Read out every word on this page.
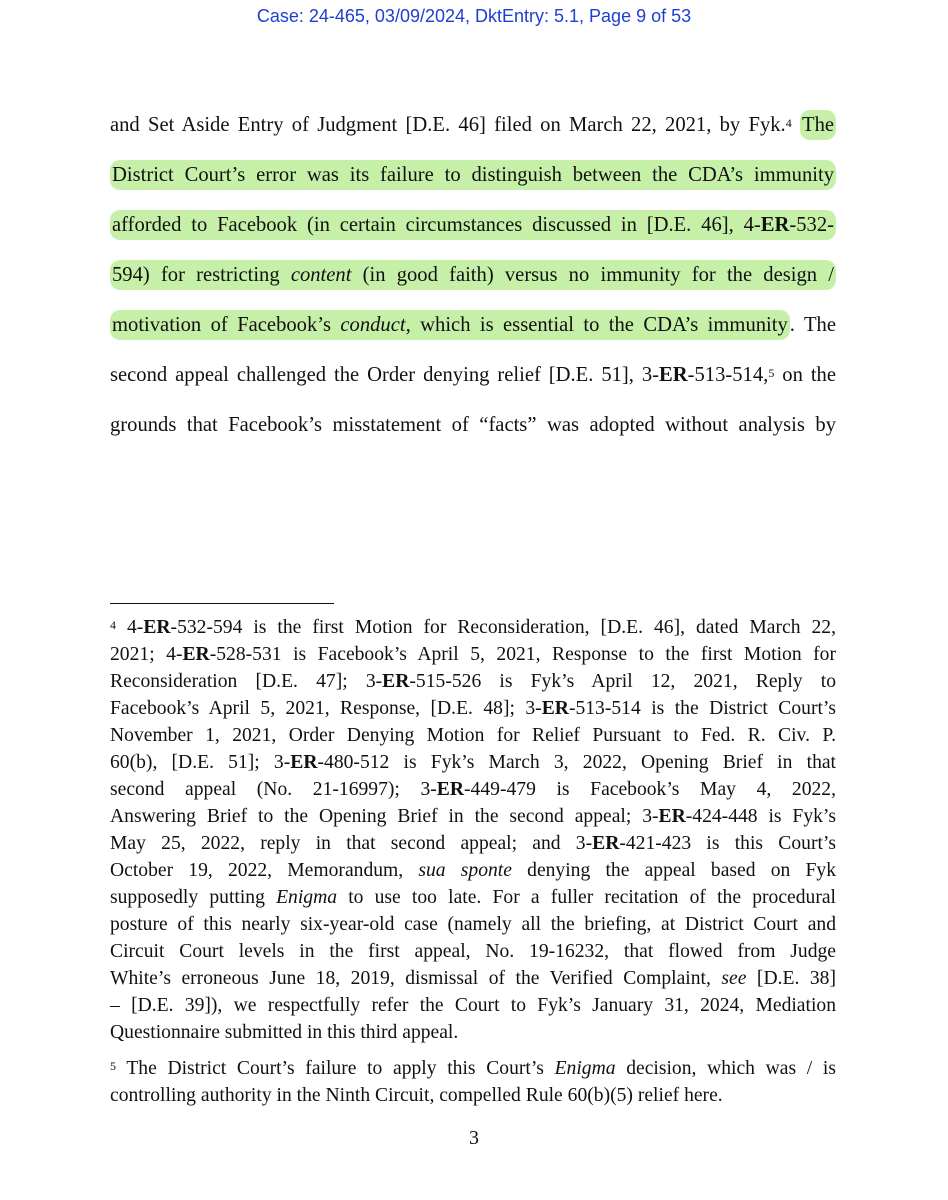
Case: 24-465, 03/09/2024, DktEntry: 5.1, Page 9 of 53
and Set Aside Entry of Judgment [D.E. 46] filed on March 22, 2021, by Fyk.$^4$ The
District Court’s error was its failure to distinguish between the CDA’s immunity
afforded to Facebook (in certain circumstances discussed in [D.E. 46], 4-ER-532-
594) for restricting content (in good faith) versus no immunity for the design /
motivation of Facebook’s conduct, which is essential to the CDA’s immunity. The
second appeal challenged the Order denying relief [D.E. 51], 3-ER-513-514,$^5$ on the
grounds that Facebook’s misstatement of “facts” was adopted without analysis by
$^4$ 4-ER-532-594 is the first Motion for Reconsideration, [D.E. 46], dated March 22,
2021; 4-ER-528-531 is Facebook’s April 5, 2021, Response to the first Motion for
Reconsideration [D.E. 47]; 3-ER-515-526 is Fyk’s April 12, 2021, Reply to
Facebook’s April 5, 2021, Response, [D.E. 48]; 3-ER-513-514 is the District Court’s
November 1, 2021, Order Denying Motion for Relief Pursuant to Fed. R. Civ. P.
60(b), [D.E. 51]; 3-ER-480-512 is Fyk’s March 3, 2022, Opening Brief in that
second appeal (No. 21-16997); 3-ER-449-479 is Facebook’s May 4, 2022,
Answering Brief to the Opening Brief in the second appeal; 3-ER-424-448 is Fyk’s
May 25, 2022, reply in that second appeal; and 3-ER-421-423 is this Court’s
October 19, 2022, Memorandum, sua sponte denying the appeal based on Fyk
supposedly putting Enigma to use too late. For a fuller recitation of the procedural
posture of this nearly six-year-old case (namely all the briefing, at District Court and
Circuit Court levels in the first appeal, No. 19-16232, that flowed from Judge
White’s erroneous June 18, 2019, dismissal of the Verified Complaint, see [D.E. 38]
– [D.E. 39]), we respectfully refer the Court to Fyk’s January 31, 2024, Mediation
Questionnaire submitted in this third appeal.
$^5$ The District Court’s failure to apply this Court’s Enigma decision, which was / is
controlling authority in the Ninth Circuit, compelled Rule 60(b)(5) relief here.
3
